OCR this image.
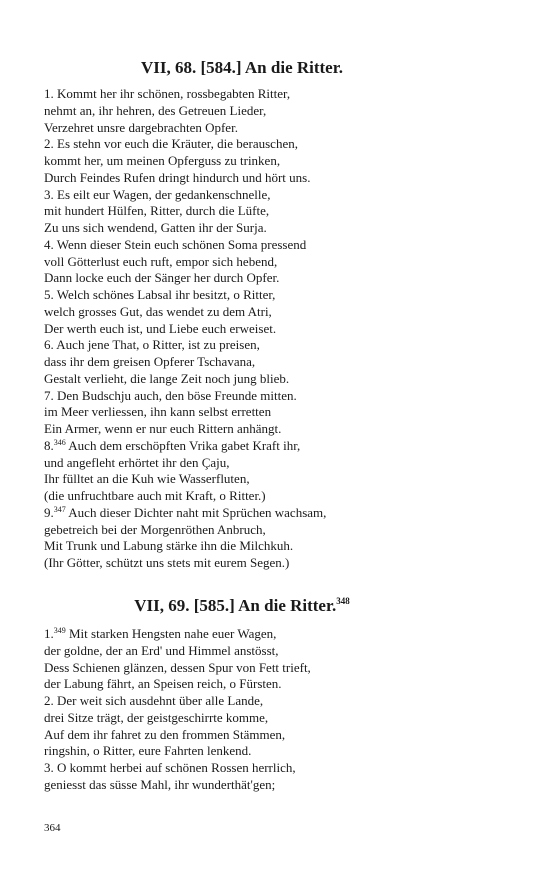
VII, 68. [584.] An die Ritter.
1. Kommt her ihr schönen, rossbegabten Ritter,
nehmt an, ihr hehren, des Getreuen Lieder,
Verzehret unsre dargebrachten Opfer.
2. Es stehn vor euch die Kräuter, die berauschen,
kommt her, um meinen Opferguss zu trinken,
Durch Feindes Rufen dringt hindurch und hört uns.
3. Es eilt eur Wagen, der gedankenschnelle,
mit hundert Hülfen, Ritter, durch die Lüfte,
Zu uns sich wendend, Gatten ihr der Surja.
4. Wenn dieser Stein euch schönen Soma pressend
voll Götterlust euch ruft, empor sich hebend,
Dann locke euch der Sänger her durch Opfer.
5. Welch schönes Labsal ihr besitzt, o Ritter,
welch grosses Gut, das wendet zu dem Atri,
Der werth euch ist, und Liebe euch erweiset.
6. Auch jene That, o Ritter, ist zu preisen,
dass ihr dem greisen Opferer Tschavana,
Gestalt verlieht, die lange Zeit noch jung blieb.
7. Den Budschju auch, den böse Freunde mitten.
im Meer verliessen, ihn kann selbst erretten
Ein Armer, wenn er nur euch Rittern anhängt.
8.$^{346}$ Auch dem erschöpften Vrika gabet Kraft ihr,
und angefleht erhörtet ihr den Çaju,
Ihr fülltet an die Kuh wie Wasserfluten,
(die unfruchtbare auch mit Kraft, o Ritter.)
9.$^{347}$ Auch dieser Dichter naht mit Sprüchen wachsam,
gebetreich bei der Morgenröthen Anbruch,
Mit Trunk und Labung stärke ihn die Milchkuh.
(Ihr Götter, schützt uns stets mit eurem Segen.)
VII, 69. [585.] An die Ritter.$^{348}$
1.$^{349}$ Mit starken Hengsten nahe euer Wagen,
der goldne, der an Erd' und Himmel anstösst,
Dess Schienen glänzen, dessen Spur von Fett trieft,
der Labung fährt, an Speisen reich, o Fürsten.
2. Der weit sich ausdehnt über alle Lande,
drei Sitze trägt, der geistgeschirrte komme,
Auf dem ihr fahret zu den frommen Stämmen,
ringshin, o Ritter, eure Fahrten lenkend.
3. O kommt herbei auf schönen Rossen herrlich,
geniesst das süsse Mahl, ihr wunderthät'gen;
364
